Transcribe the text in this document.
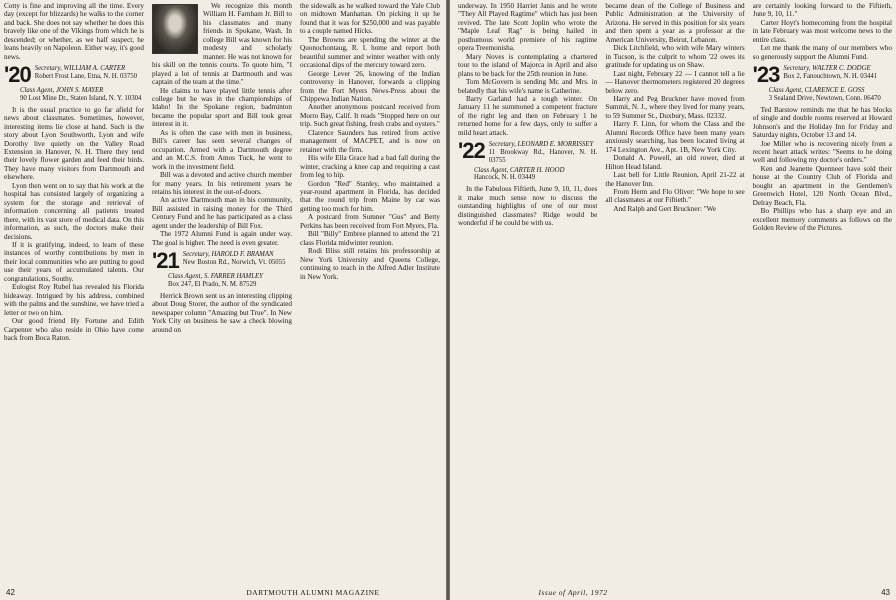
Cotty is fine and improving all the time. Every day (except for blizzards) he walks to the corner and back. She does not say whether he does this bravely like one of the Vikings from which he is descended; or whether, as we half suspect, he leans heavily on Napoleon. Either way, it's good news.

'20 Secretary, WILLIAM A. CARTER
Robert Frost Lane, Etna, N. H. 03750
Class Agent, JOHN S. MAYER
90 Lost Mine Dr., Staten Island, N. Y. 10304

It is the usual practice to go far afield for news about classmates. Sometimes, however, interesting items lie close at hand. Such is the story about Lyon Southworth, Lyon and wife Dorothy live quietly on the Valley Road Extension in Hanover, N. H. There they tend their lovely flower garden and feed their birds. They have many visitors from Dartmouth and elsewhere.

Lyon then went on to say that his work at the hospital has consisted largely of organizing a system for the storage and retrieval of information concerning all patients treated there, with its vast store of medical data. On this information, as such, the doctors make their decisions.

If it is gratifying, indeed, to learn of these instances of worthy contributions by men in their local communities who are putting to good use their years of accumulated talents. Our congratulations, Southy.

Eulogist Roy Rubel has revealed his Florida hideaway. Intrigued by his address, combined with the palms and the sunshine, we have tried a letter or two on him.

Our good friend Hy Fortune and Edith Carpenter who also reside in Ohio have come back from Boca Raton.

We recognize this month William H. Farnham Jr. Bill to his classmates and many friends in Spokane, Wash. In college Bill was known for his modesty and scholarly manner. He was not known for his skill on the tennis courts. To quote him, "I played a lot of tennis at Dartmouth and was captain of the team at the time."

He claims to have played little tennis after college but he was in the championships of Idaho! In the Spokane region, badminton became the popular sport and Bill took great interest in it.

As is often the case with men in business, Bill's career has seen several changes of occupation. Armed with a Dartmouth degree and an M.C.S. from Amos Tuck, he went to work in the investment field.

Bill was a devoted and active church member for many years. In his retirement years he retains his interest in the out-of-doors.

An active Dartmouth man in his community, Bill assisted in raising money for the Third Century Fund and he has participated as a class agent under the leadership of Bill Fox.

The 1972 Alumni Fund is again under way. The goal is higher. The need is even greater.

'21 Secretary, HAROLD F. BRAMAN
New Boston Rd., Norwich, Vt. 05055
Class Agent, S. FARRER HAMLEY
Box 247, El Prado, N. M. 87529

Herrick Brown sent us an interesting clipping about Doug Storer, the author of the syndicated newspaper column "Amazing but True". In New York City on business he saw a check blowing around on

the sidewalk as he walked toward the Yale Club on midtown Manhattan. On picking it up he found that it was for $250,000 and was payable to a couple named Hicks.

The Browns are spending the winter at the Quonochontaug, R. I. home and report both beautiful summer and winter weather with only occasional dips of the mercury toward zero.

George Lever '26, knowing of the Indian controversy in Hanover, forwards a clipping from the Fort Myers News-Press about the Chippewa Indian Nation.

Another anonymous postcard received from Morro Bay, Calif. It reads "Stopped here on our trip. Such great fishing, fresh crabs and oysters."

Clarence Saunders has retired from active management of MACPET, and is now on retainer with the firm.

His wife Ella Grace had a bad fall during the winter, cracking a knee cap and requiring a cast from leg to hip.

Gordon "Red" Stanley, who maintained a year-round apartment in Florida, has decided that the round trip from Maine by car was getting too much for him.

A postcard from Sumner "Gus" and Betty Perkins has been received from Fort Myers, Fla.

Bill "Billy" Embree planned to attend the '21 class Florida midwinter reunion.

Rodi Bliss still retains his professorship at New York University and Queens College, continuing to teach in the Alfred Adler Institute in New York.

42	DARTMOUTH ALUMNI MAGAZINE

underway. In 1950 Harriet Janis and he wrote "They All Played Ragtime" which has just been revived. The late Scott Joplin who wrote the "Maple Leaf Rag" is being hailed in posthumous world premiere of his ragtime opera Treemonisha.

Mary Noves is contemplating a chartered tour to the island of Majorca in April and also plans to be back for the 25th reunion in June.

Tom McGovern is sending Mr. and Mrs. in belatedly that his wife's name is Catherine.

Barry Garland had a tough winter. On January 11 he summoned a competent fracture of the right leg and then on February 1 he returned home for a few days, only to suffer a mild heart attack.

'22 Secretary, LEONARD E. MORRISSEY
11 Brookway Rd., Hanover, N. H. 03755
Class Agent, CARTER H. HOOD
Hancock, N. H. 03449

In the Fabulous Fiftieth, June 9, 10, 11, does it make much sense now to discuss the outstanding highlights of one of our most distinguished classmates? Ridge would be wonderful if he could be with us.

became dean of the College of Business and Public Administration at the University of Arizona. He served in this position for six years and then spent a year as a professor at the American University, Beirut, Lebanon.

Dick Litchfield, who with wife Mary winters in Tucson, is the culprit to whom '22 owes its gratitude for updating us on Shaw.

Last night, February 22 — I cannot tell a lie — Hanover thermometers registered 20 degrees below zero.

Harry and Peg Bruckner have moved from Summit, N. J., where they lived for many years, to 59 Summer St., Duxbury, Mass. 02332.

Harry F. Linn, for whom the Class and the Alumni Records Office have been many years anxiously searching, has been located living at 174 Lexington Ave., Apt. 1B, New York City.

Donald A. Powell, an old rower, died at Hilton Head Island.

Last bell for Little Reunion, April 21-22 at the Hanover Inn.

From Herm and Flo Oliver: "We hope to see all classmates at our Fiftieth."

And Ralph and Gert Bruckner: "We

are certainly looking forward to the Fiftieth, June 9, 10, 11."

Carter Hoyt's homecoming from the hospital in late February was most welcome news to the entire class.

Let me thank the many of our members who so generously support the Alumni Fund.

'23 Secretary, WALTER C. DODGE
Box 2, Fanouchtown, N. H. 03441
Class Agent, CLARENCE E. GOSS
3 Sealand Drive, Newtown, Conn. 06470

Ted Barstow reminds me that he has blocks of single and double rooms reserved at Howard Johnson's and the Holiday Inn for Friday and Saturday nights, October 13 and 14.

Joe Miller who is recovering nicely from a recent heart attack writes: "Seems to be doing well and following my doctor's orders."

Ken and Jeanette Quenneer have sold their house at the Country Club of Florida and bought an apartment in the Gentlemen's Greenwich Hotel, 120 North Ocean Blvd., Delray Beach, Fla.

Bo Phillips who has a sharp eye and an excellent memory comments as follows on the Golden Review of the Pictures.

Issue of April, 1972	43
